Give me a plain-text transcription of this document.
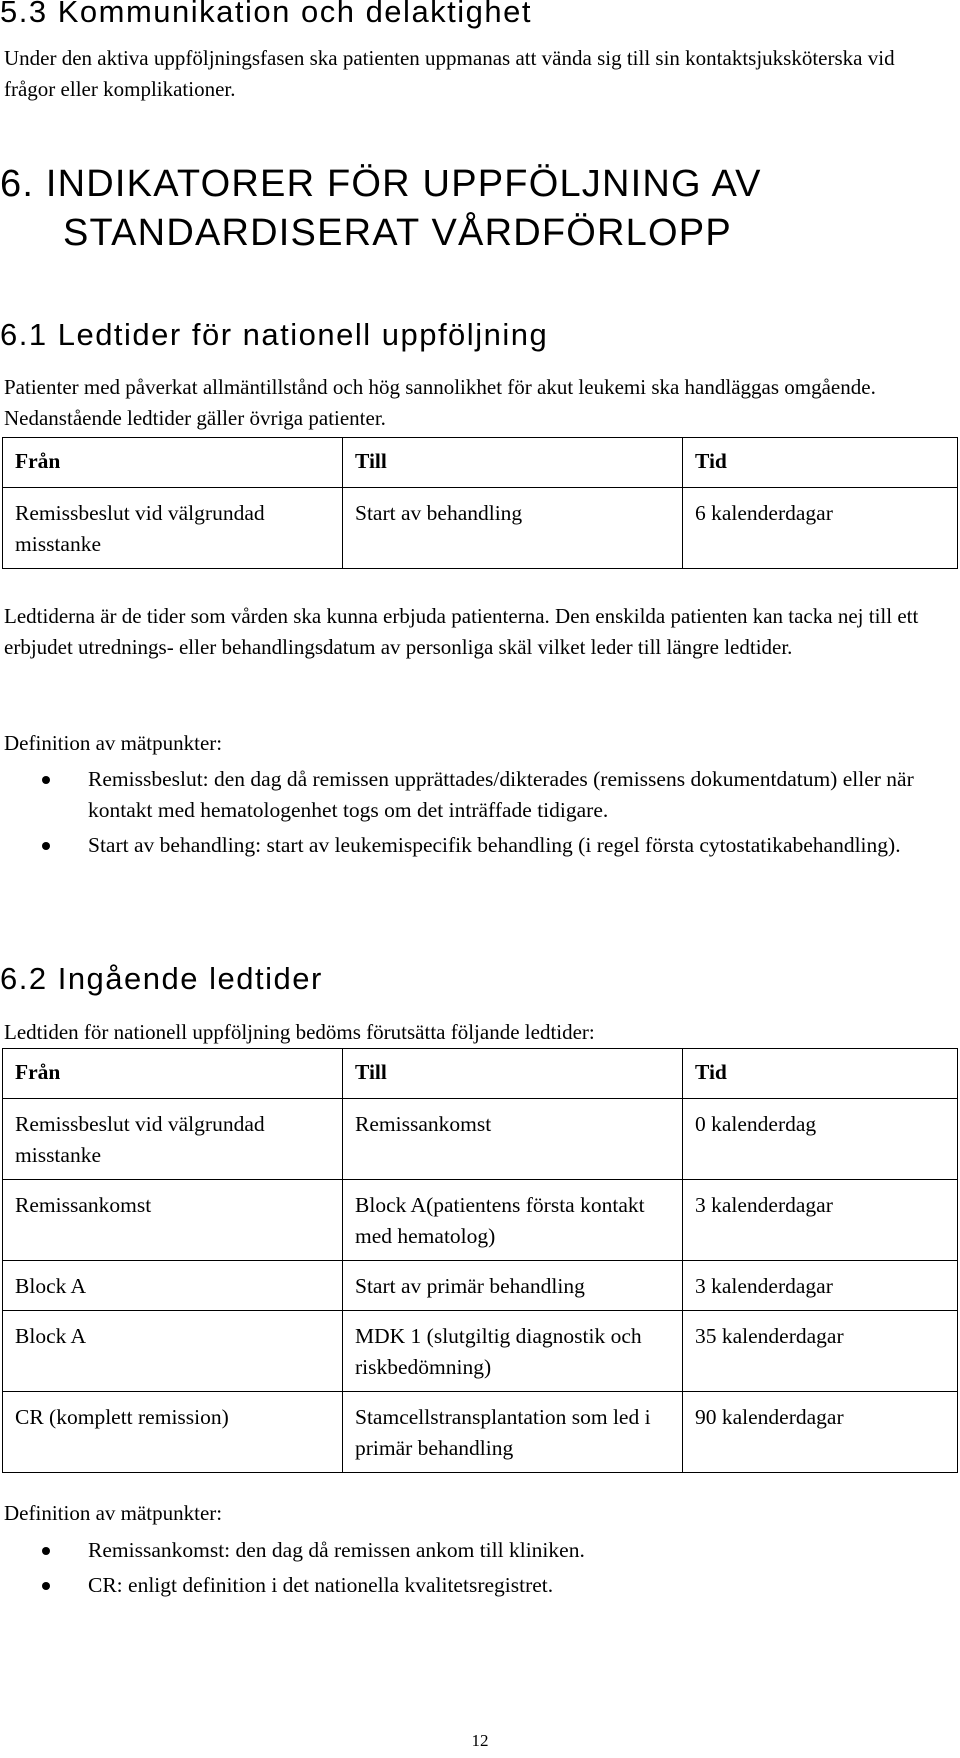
5.3 Kommunikation och delaktighet
Under den aktiva uppföljningsfasen ska patienten uppmanas att vända sig till sin kontaktsjuksköterska vid frågor eller komplikationer.
6. INDIKATORER FÖR UPPFÖLJNING AV
STANDARDISERAT VÅRDFÖRLOPP
6.1 Ledtider för nationell uppföljning
Patienter med påverkat allmäntillstånd och hög sannolikhet för akut leukemi ska handläggas omgående. Nedanstående ledtider gäller övriga patienter.
Från	Till	Tid
Remissbeslut vid välgrundad misstanke	Start av behandling	6 kalenderdagar
Ledtiderna är de tider som vården ska kunna erbjuda patienterna. Den enskilda patienten kan tacka nej till ett erbjudet utrednings- eller behandlingsdatum av personliga skäl vilket leder till längre ledtider.
Definition av mätpunkter:
Remissbeslut: den dag då remissen upprättades/dikterades (remissens dokumentdatum) eller när kontakt med hematologenhet togs om det inträffade tidigare.
Start av behandling: start av leukemispecifik behandling (i regel första cytostatikabehandling).
6.2 Ingående ledtider
Ledtiden för nationell uppföljning bedöms förutsätta följande ledtider:
Från	Till	Tid
Remissbeslut vid välgrundad misstanke	Remissankomst	0 kalenderdag
Remissankomst	Block A(patientens första kontakt med hematolog)	3 kalenderdagar
Block A	Start av primär behandling	3 kalenderdagar
Block A	MDK 1 (slutgiltig diagnostik och riskbedömning)	35 kalenderdagar
CR (komplett remission)	Stamcellstransplantation som led i primär behandling	90 kalenderdagar
Definition av mätpunkter:
Remissankomst: den dag då remissen ankom till kliniken.
CR: enligt definition i det nationella kvalitetsregistret.
12
